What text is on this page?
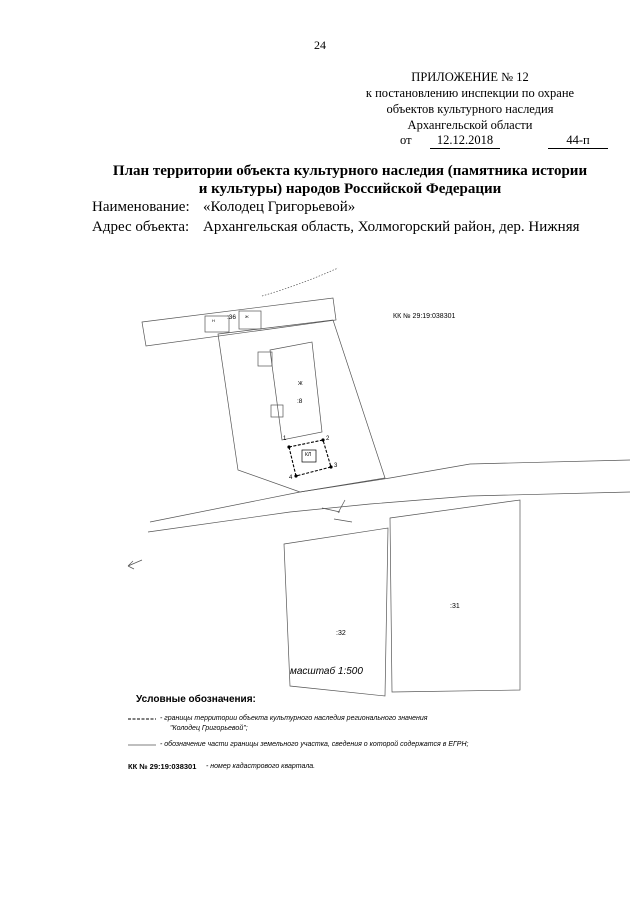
24
ПРИЛОЖЕНИЕ № 12
к постановлению инспекции по охране
объектов культурного наследия
Архангельской области
от	12.12.2018	44-п
План территории объекта культурного наследия (памятника истории
и культуры) народов Российской Федерации
Наименование: «Колодец Григорьевой»
Адрес объекта: Архангельская область, Холмогорский район, дер. Нижняя
КК № 29:19:038301
:36
:8
Ж
Н
Ж
КЛ
1	2
3
4
:32
:31
масштаб 1:500
Условные обозначения:
- границы территории объекта культурного наследия регионального значения
"Колодец Григорьевой";
- обозначение части границы земельного участка, сведения о которой содержатся в ЕГРН;
КК № 29:19:038301 - номер кадастрового квартала.
